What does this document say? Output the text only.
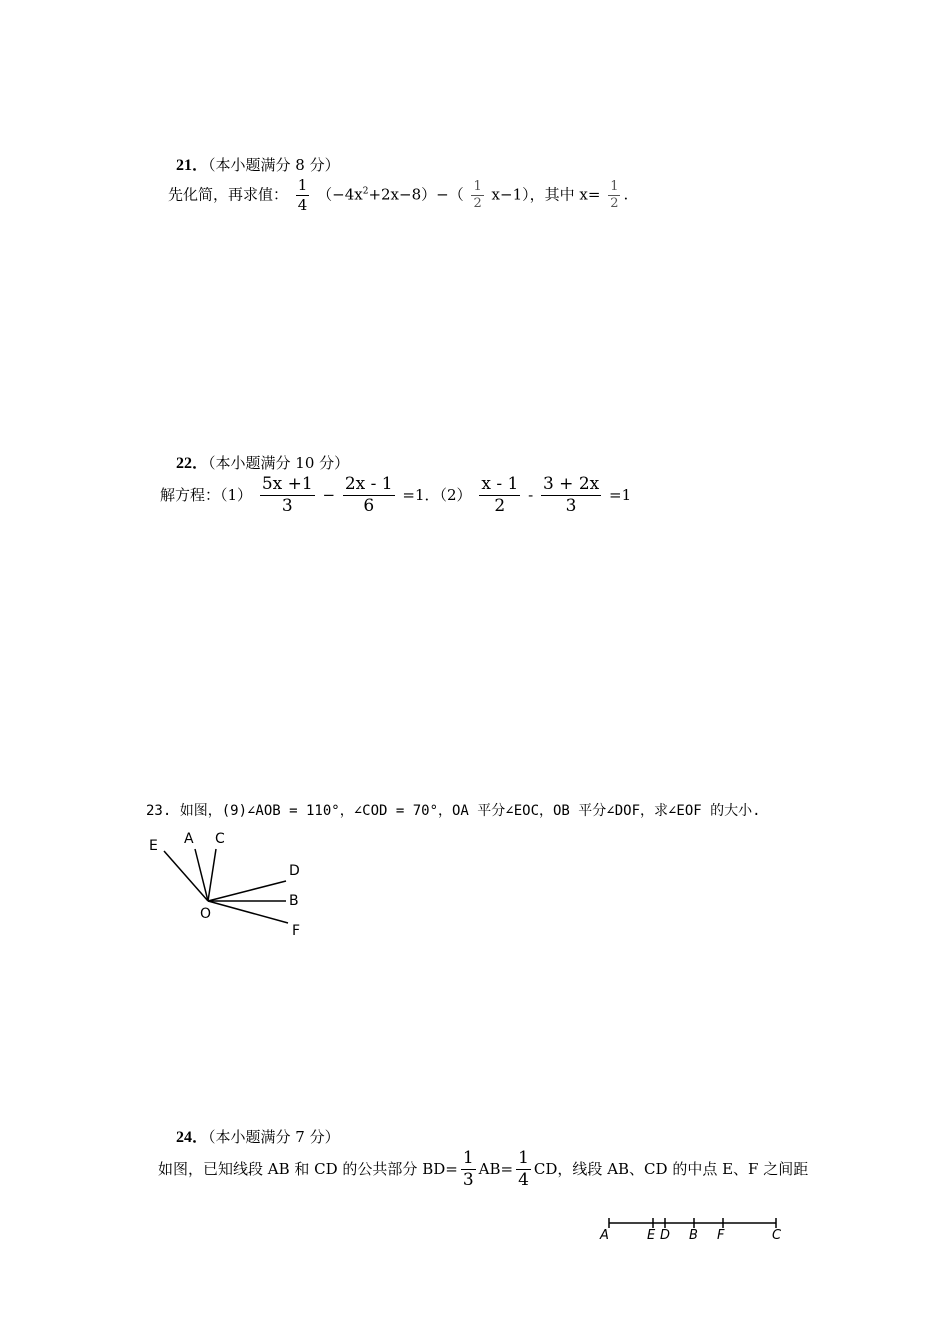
21．（本小题满分 8 分）
先化简，再求值： $\frac{1}{4} (-4x^2+2x-8)-( \frac{1}{2} x-1)$，其中 $x= \frac{1}{2}$ .
22．（本小题满分 10 分）
解方程：$(1) \frac{5x +1}{3} - \frac{2x - 1}{6} =1$．$(2) \frac{x - 1}{2} - \frac{3 + 2x}{3} =1$
23. 如图，(9)∠AOB = 110°，∠COD = 70°，OA 平分∠EOC，OB 平分∠DOF，求∠EOF 的大小.
E A C
D
B
O
F
24．（本小题满分 7 分）
如图，已知线段 AB 和 CD 的公共部分 $BD= \frac{1}{3} AB= \frac{1}{4}$ CD，线段 AB、CD 的中点 E、F 之间距
A	E D B F	C
